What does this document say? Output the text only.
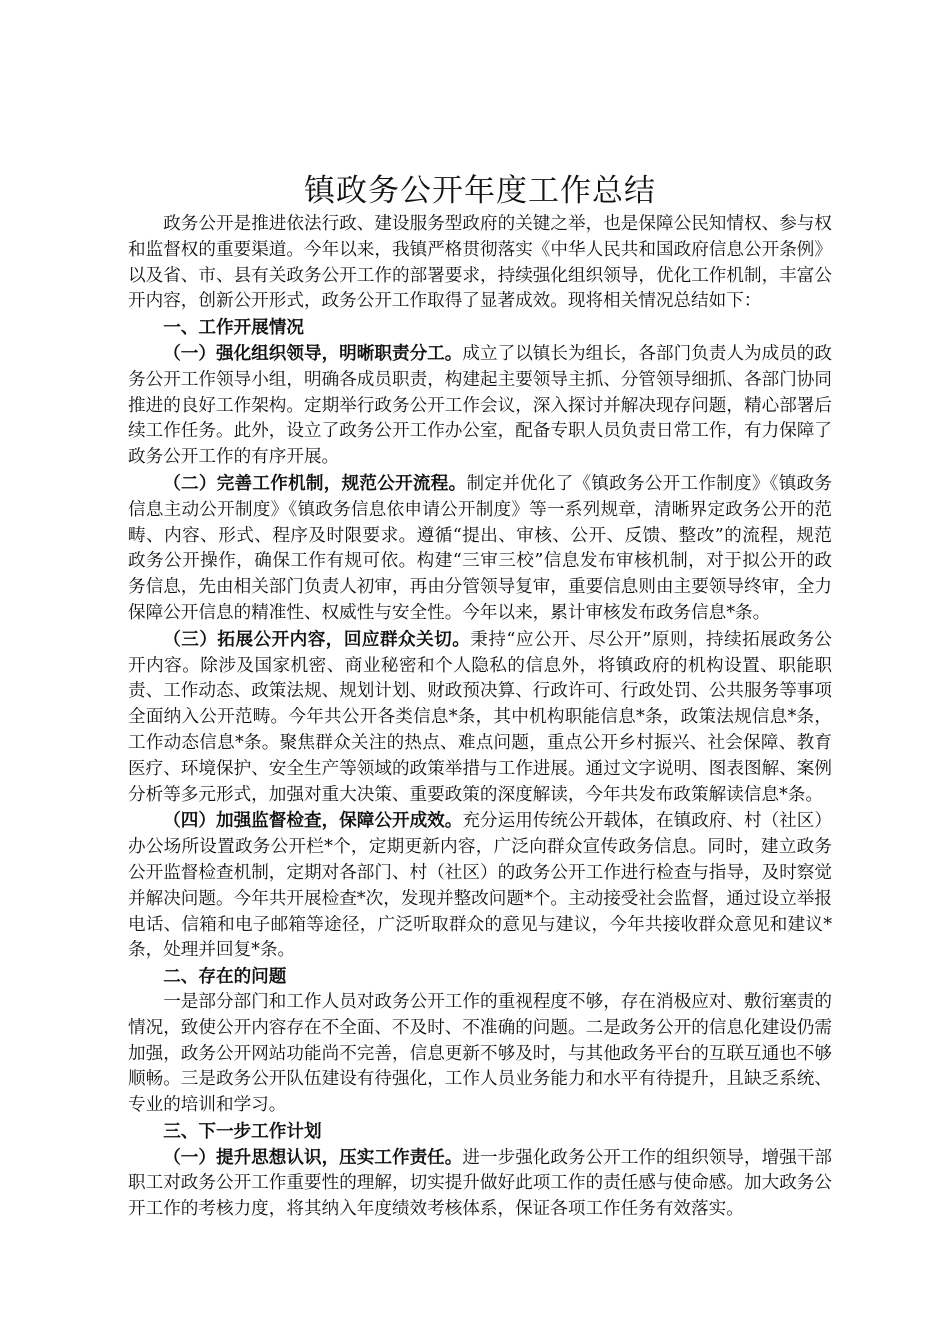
镇政务公开年度工作总结

政务公开是推进依法行政、建设服务型政府的关键之举，也是保障公民知情权、参与权和监督权的重要渠道。今年以来，我镇严格贯彻落实《中华人民共和国政府信息公开条例》以及省、市、县有关政务公开工作的部署要求，持续强化组织领导，优化工作机制，丰富公开内容，创新公开形式，政务公开工作取得了显著成效。现将相关情况总结如下：

一、工作开展情况

（一）强化组织领导，明晰职责分工。成立了以镇长为组长，各部门负责人为成员的政务公开工作领导小组，明确各成员职责，构建起主要领导主抓、分管领导细抓、各部门协同推进的良好工作架构。定期举行政务公开工作会议，深入探讨并解决现存问题，精心部署后续工作任务。此外，设立了政务公开工作办公室，配备专职人员负责日常工作，有力保障了政务公开工作的有序开展。

（二）完善工作机制，规范公开流程。制定并优化了《镇政务公开工作制度》《镇政务信息主动公开制度》《镇政务信息依申请公开制度》等一系列规章，清晰界定政务公开的范畴、内容、形式、程序及时限要求。遵循“提出、审核、公开、反馈、整改”的流程，规范政务公开操作，确保工作有规可依。构建“三审三校”信息发布审核机制，对于拟公开的政务信息，先由相关部门负责人初审，再由分管领导复审，重要信息则由主要领导终审，全力保障公开信息的精准性、权威性与安全性。今年以来，累计审核发布政务信息*条。

（三）拓展公开内容，回应群众关切。秉持“应公开、尽公开”原则，持续拓展政务公开内容。除涉及国家机密、商业秘密和个人隐私的信息外，将镇政府的机构设置、职能职责、工作动态、政策法规、规划计划、财政预决算、行政许可、行政处罚、公共服务等事项全面纳入公开范畴。今年共公开各类信息*条，其中机构职能信息*条，政策法规信息*条，工作动态信息*条。聚焦群众关注的热点、难点问题，重点公开乡村振兴、社会保障、教育医疗、环境保护、安全生产等领域的政策举措与工作进展。通过文字说明、图表图解、案例分析等多元形式，加强对重大决策、重要政策的深度解读，今年共发布政策解读信息*条。

（四）加强监督检查，保障公开成效。充分运用传统公开载体，在镇政府、村（社区）办公场所设置政务公开栏*个，定期更新内容，广泛向群众宣传政务信息。同时，建立政务公开监督检查机制，定期对各部门、村（社区）的政务公开工作进行检查与指导，及时察觉并解决问题。今年共开展检查*次，发现并整改问题*个。主动接受社会监督，通过设立举报电话、信箱和电子邮箱等途径，广泛听取群众的意见与建议，今年共接收群众意见和建议*条，处理并回复*条。

二、存在的问题

一是部分部门和工作人员对政务公开工作的重视程度不够，存在消极应对、敷衍塞责的情况，致使公开内容存在不全面、不及时、不准确的问题。二是政务公开的信息化建设仍需加强，政务公开网站功能尚不完善，信息更新不够及时，与其他政务平台的互联互通也不够顺畅。三是政务公开队伍建设有待强化，工作人员业务能力和水平有待提升，且缺乏系统、专业的培训和学习。

三、下一步工作计划

（一）提升思想认识，压实工作责任。进一步强化政务公开工作的组织领导，增强干部职工对政务公开工作重要性的理解，切实提升做好此项工作的责任感与使命感。加大政务公开工作的考核力度，将其纳入年度绩效考核体系，保证各项工作任务有效落实。
